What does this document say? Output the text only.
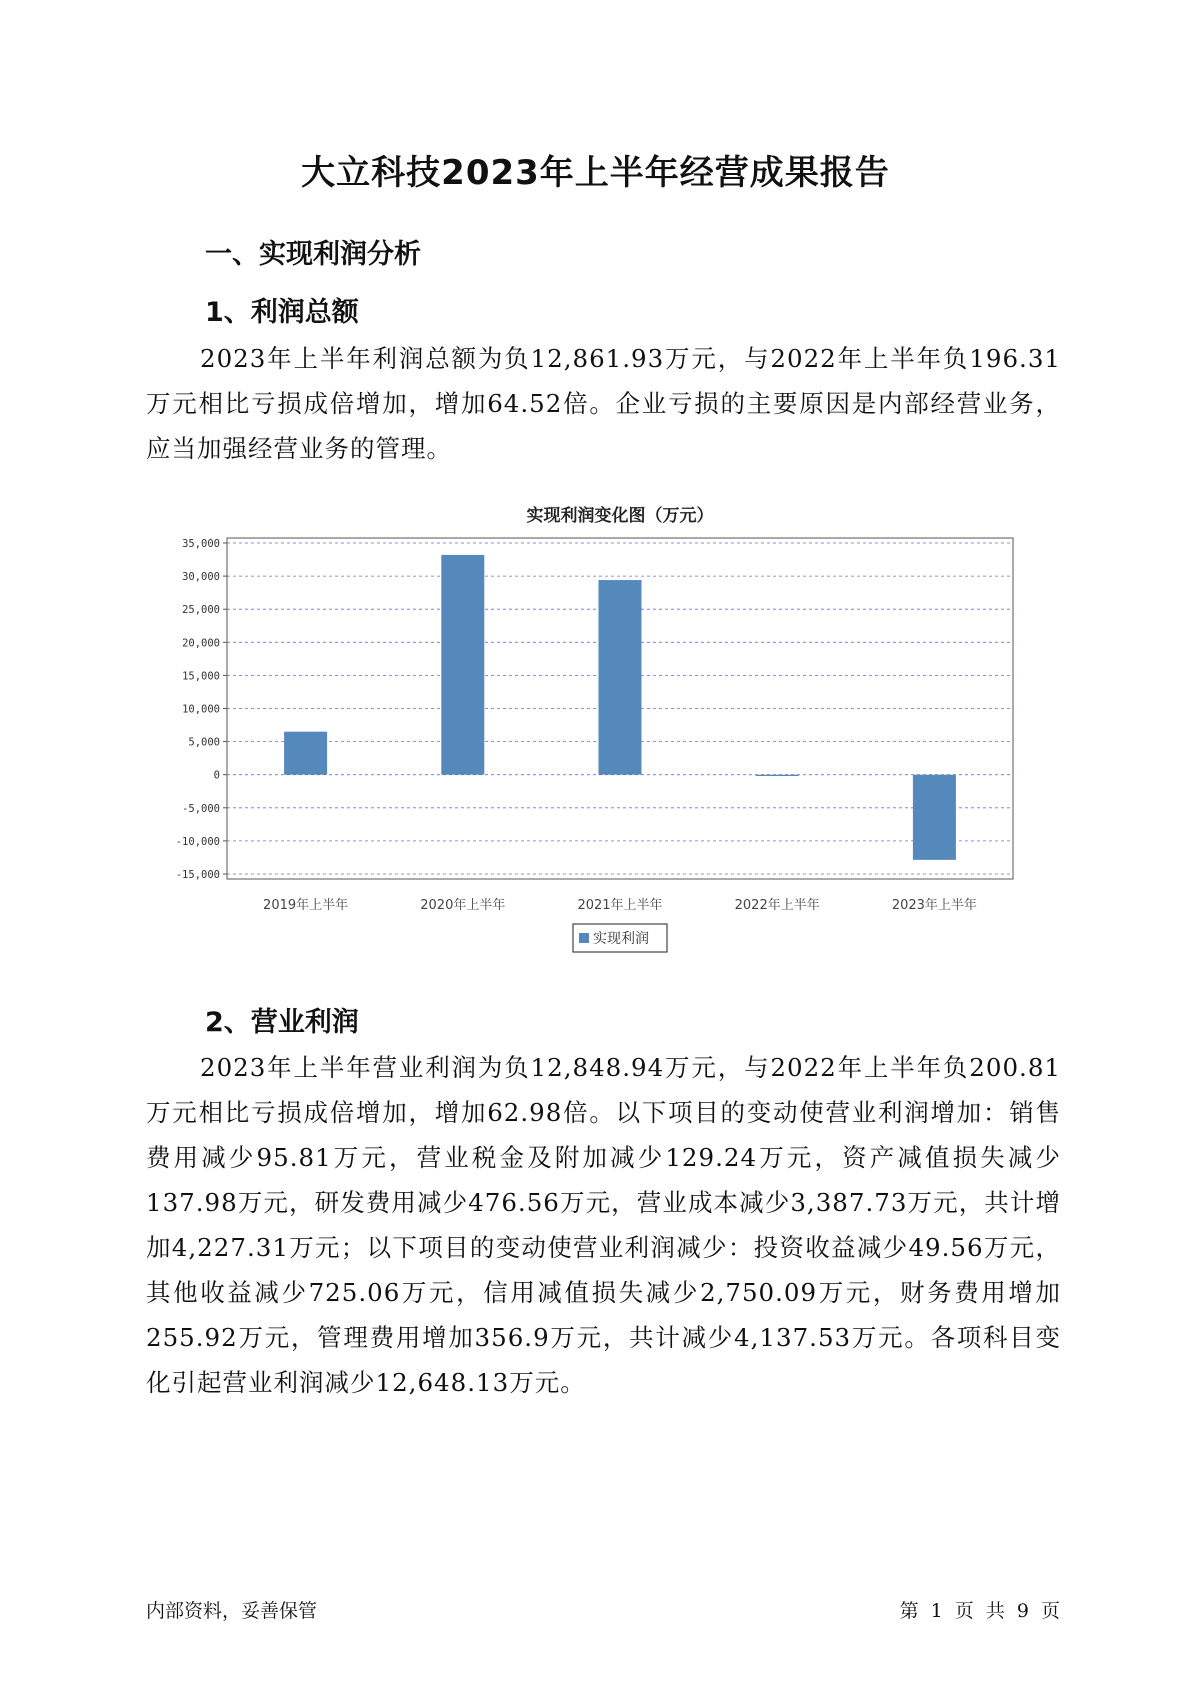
大立科技2023年上半年经营成果报告
一、实现利润分析
1、利润总额
2023年上半年利润总额为负12,861.93万元，与2022年上半年负196.31万元相比亏损成倍增加，增加64.52倍。企业亏损的主要原因是内部经营业务，应当加强经营业务的管理。
实现利润变化图（万元）
35,000
30,000
25,000
20,000
15,000
10,000
5,000
0
-5,000
-10,000
-15,000
2019年上半年	2020年上半年	2021年上半年	2022年上半年	2023年上半年
实现利润
2、营业利润
2023年上半年营业利润为负12,848.94万元，与2022年上半年负200.81万元相比亏损成倍增加，增加62.98倍。以下项目的变动使营业利润增加：销售费用减少95.81万元，营业税金及附加减少129.24万元，资产减值损失减少137.98万元，研发费用减少476.56万元，营业成本减少3,387.73万元，共计增加4,227.31万元；以下项目的变动使营业利润减少：投资收益减少49.56万元，其他收益减少725.06万元，信用减值损失减少2,750.09万元，财务费用增加255.92万元，管理费用增加356.9万元，共计减少4,137.53万元。各项科目变化引起营业利润减少12,648.13万元。
内部资料，妥善保管	第 1 页 共 9 页
